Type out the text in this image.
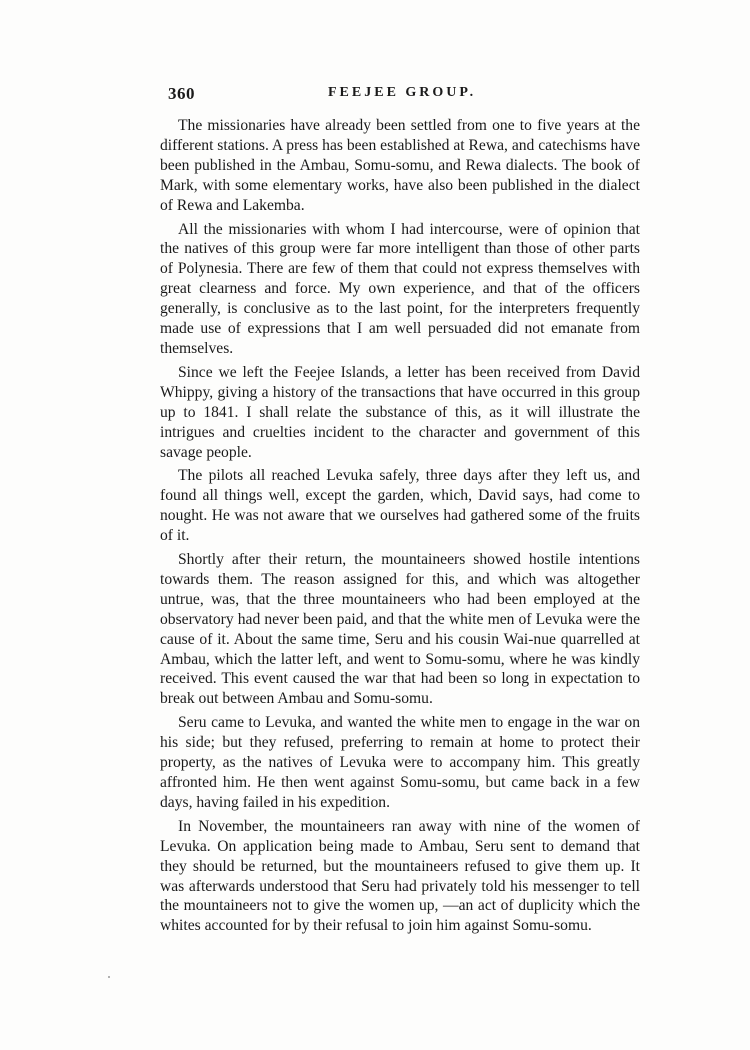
360	FEEJEE GROUP.

The missionaries have already been settled from one to five years at the different stations. A press has been established at Rewa, and catechisms have been published in the Ambau, Somu-somu, and Rewa dialects. The book of Mark, with some elementary works, have also been published in the dialect of Rewa and Lakemba.

All the missionaries with whom I had intercourse, were of opinion that the natives of this group were far more intelligent than those of other parts of Polynesia. There are few of them that could not express themselves with great clearness and force. My own experience, and that of the officers generally, is conclusive as to the last point, for the interpreters frequently made use of expressions that I am well persuaded did not emanate from themselves.

Since we left the Feejee Islands, a letter has been received from David Whippy, giving a history of the transactions that have occurred in this group up to 1841. I shall relate the substance of this, as it will illustrate the intrigues and cruelties incident to the character and government of this savage people.

The pilots all reached Levuka safely, three days after they left us, and found all things well, except the garden, which, David says, had come to nought. He was not aware that we ourselves had gathered some of the fruits of it.

Shortly after their return, the mountaineers showed hostile intentions towards them. The reason assigned for this, and which was altogether untrue, was, that the three mountaineers who had been employed at the observatory had never been paid, and that the white men of Levuka were the cause of it. About the same time, Seru and his cousin Wai-nue quarrelled at Ambau, which the latter left, and went to Somu-somu, where he was kindly received. This event caused the war that had been so long in expectation to break out between Ambau and Somu-somu.

Seru came to Levuka, and wanted the white men to engage in the war on his side; but they refused, preferring to remain at home to protect their property, as the natives of Levuka were to accompany him. This greatly affronted him. He then went against Somu-somu, but came back in a few days, having failed in his expedition.

In November, the mountaineers ran away with nine of the women of Levuka. On application being made to Ambau, Seru sent to demand that they should be returned, but the mountaineers refused to give them up. It was afterwards understood that Seru had privately told his messenger to tell the mountaineers not to give the women up, —an act of duplicity which the whites accounted for by their refusal to join him against Somu-somu.
